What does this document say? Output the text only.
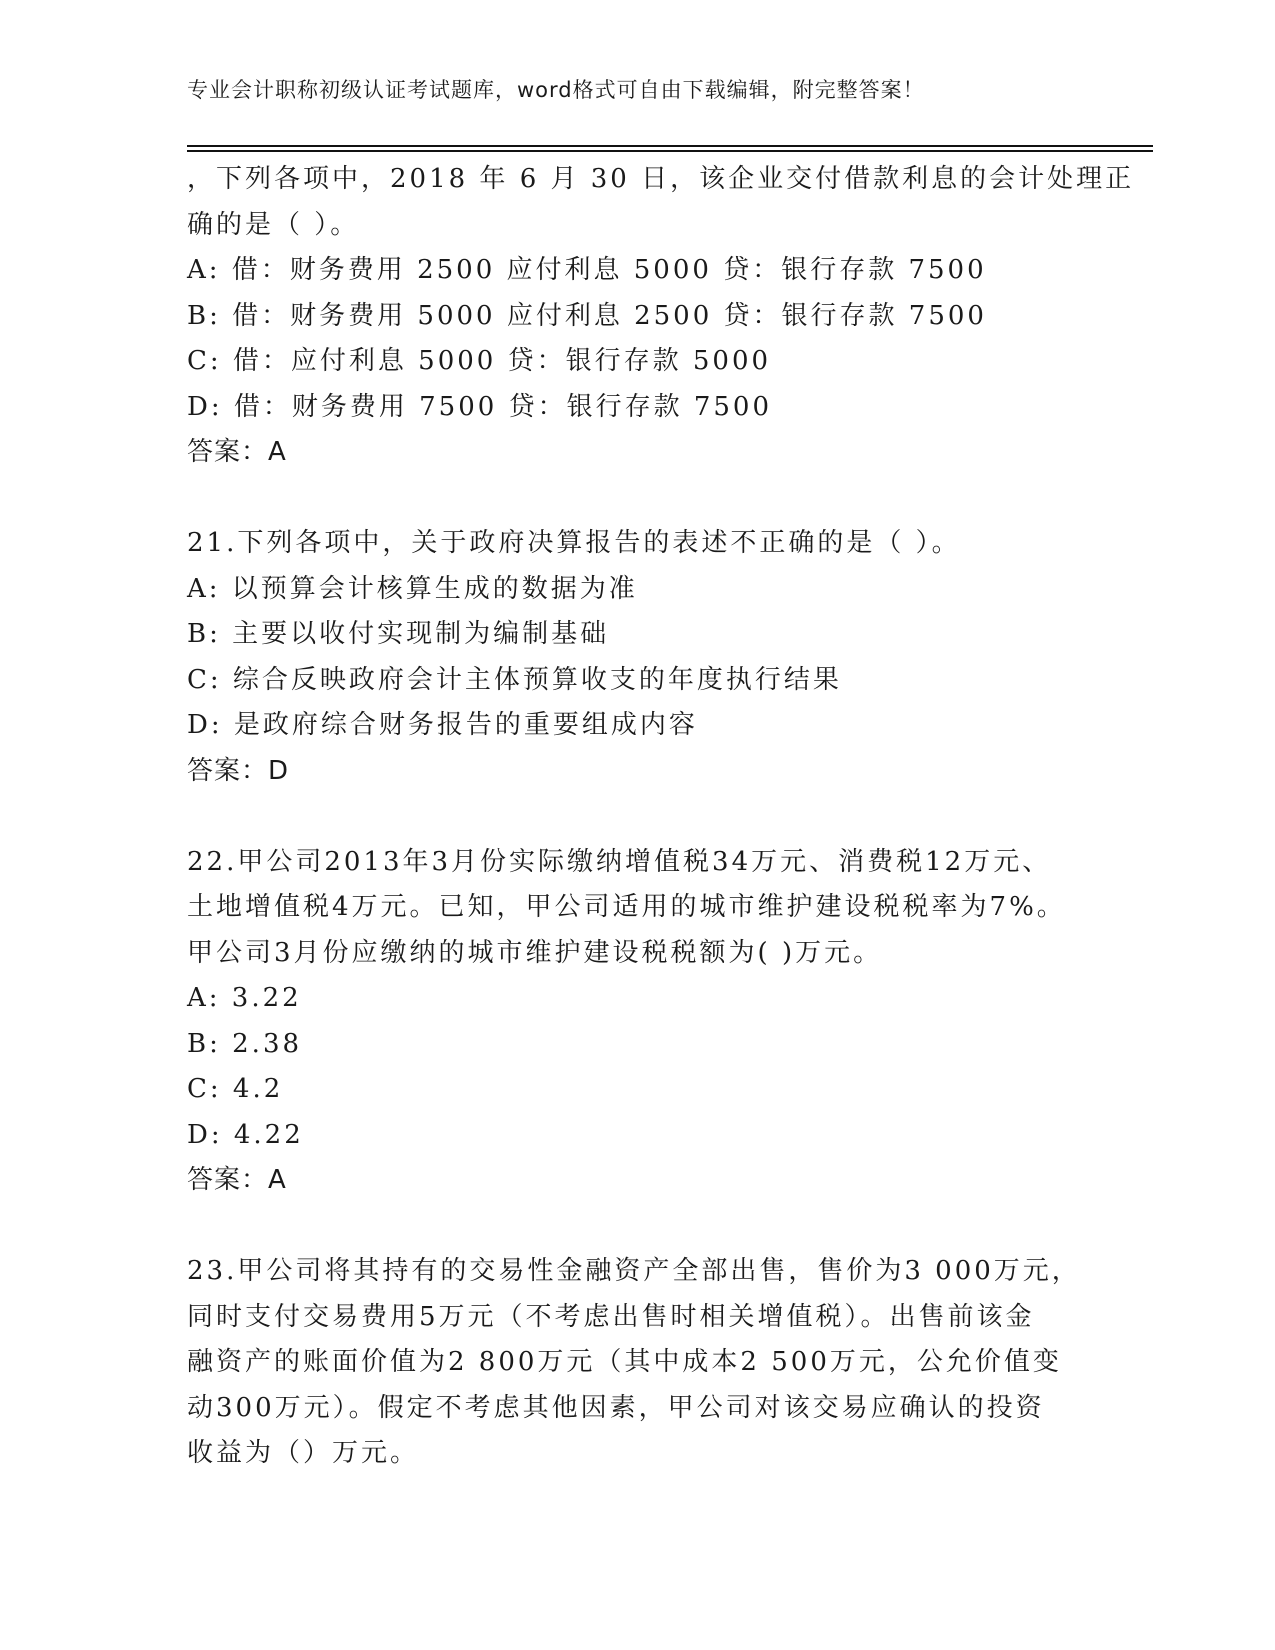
专业会计职称初级认证考试题库，word格式可自由下载编辑，附完整答案！
，下列各项中，2018 年 6 月 30 日，该企业交付借款利息的会计处理正
确的是（ ）。
A: 借：财务费用 2500 应付利息 5000 贷：银行存款 7500
B: 借：财务费用 5000 应付利息 2500 贷：银行存款 7500
C: 借：应付利息 5000 贷：银行存款 5000
D: 借：财务费用 7500 贷：银行存款 7500
答案：A
21.下列各项中，关于政府决算报告的表述不正确的是（ ）。
A: 以预算会计核算生成的数据为准
B: 主要以收付实现制为编制基础
C: 综合反映政府会计主体预算收支的年度执行结果
D: 是政府综合财务报告的重要组成内容
答案：D
22.甲公司2013年3月份实际缴纳增值税34万元、消费税12万元、
土地增值税4万元。已知，甲公司适用的城市维护建设税税率为7%。
甲公司3月份应缴纳的城市维护建设税税额为( )万元。
A: 3.22
B: 2.38
C: 4.2
D: 4.22
答案：A
23.甲公司将其持有的交易性金融资产全部出售，售价为3 000万元，
同时支付交易费用5万元（不考虑出售时相关增值税）。出售前该金
融资产的账面价值为2 800万元（其中成本2 500万元，公允价值变
动300万元）。假定不考虑其他因素，甲公司对该交易应确认的投资
收益为（）万元。
